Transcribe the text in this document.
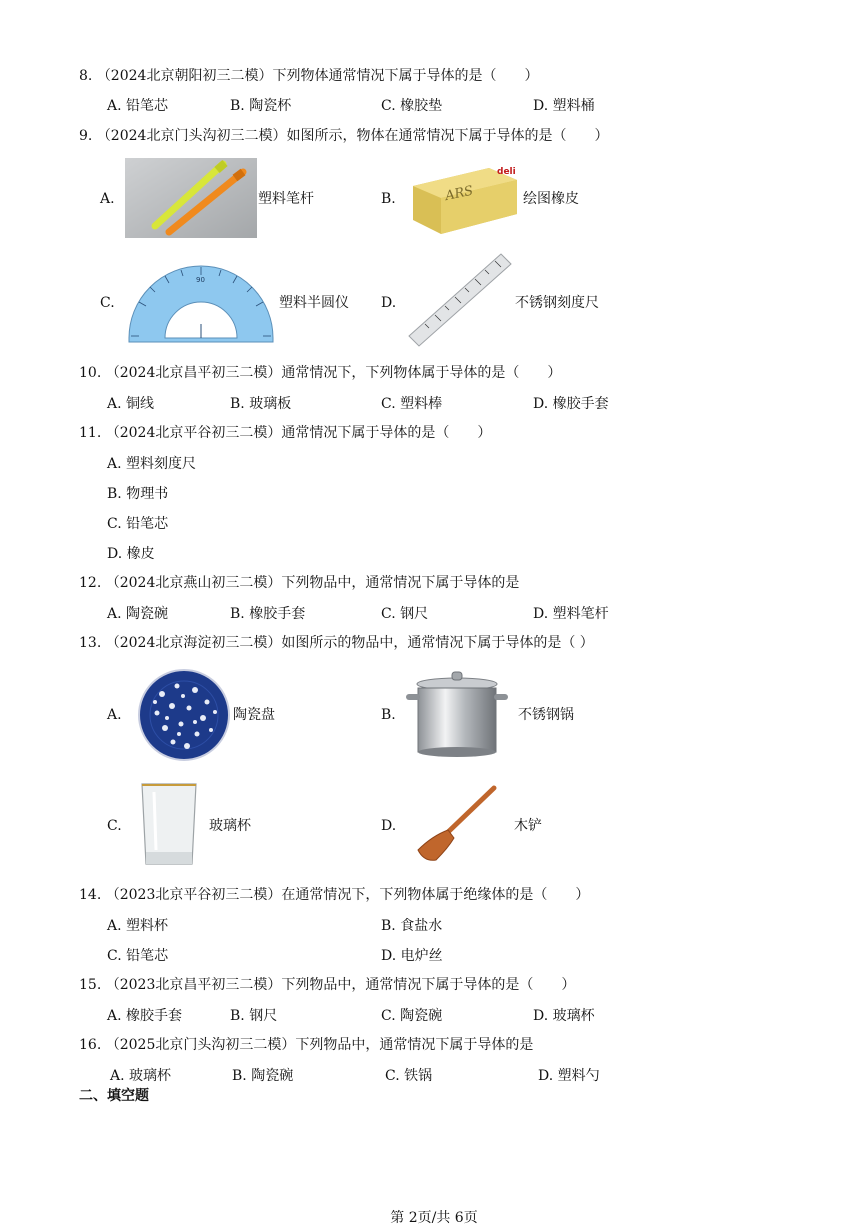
8. （2024北京朝阳初三二模）下列物体通常情况下属于导体的是（　　）
A. 铅笔芯	B. 陶瓷杯	C. 橡胶垫	D. 塑料桶
9. （2024北京门头沟初三二模）如图所示，物体在通常情况下属于导体的是（　　）
A.	塑料笔杆	B.
deli
ARS	绘图橡皮
C.
90
塑料半圆仪 D.	不锈钢刻度尺
10. （2024北京昌平初三二模）通常情况下，下列物体属于导体的是（　　）
A. 铜线	B. 玻璃板	C. 塑料棒	D. 橡胶手套
11. （2024北京平谷初三二模）通常情况下属于导体的是（　　）
A. 塑料刻度尺
B. 物理书
C. 铅笔芯
D. 橡皮
12. （2024北京燕山初三二模）下列物品中，通常情况下属于导体的是
A. 陶瓷碗	B. 橡胶手套	C. 钢尺	D. 塑料笔杆
13. （2024北京海淀初三二模）如图所示的物品中，通常情况下属于导体的是（ ）
A.	陶瓷盘	B.	不锈钢锅
C.	玻璃杯	D.	木铲
14. （2023北京平谷初三二模）在通常情况下，下列物体属于绝缘体的是（　　）
A. 塑料杯	B. 食盐水
C. 铅笔芯	D. 电炉丝
15. （2023北京昌平初三二模）下列物品中，通常情况下属于导体的是（　　）
A. 橡胶手套	B. 钢尺	C. 陶瓷碗	D. 玻璃杯
16. （2025北京门头沟初三二模）下列物品中，通常情况下属于导体的是
A. 玻璃杯	B. 陶瓷碗	C. 铁锅	D. 塑料勺
二、填空题
第 2页/共 6页
